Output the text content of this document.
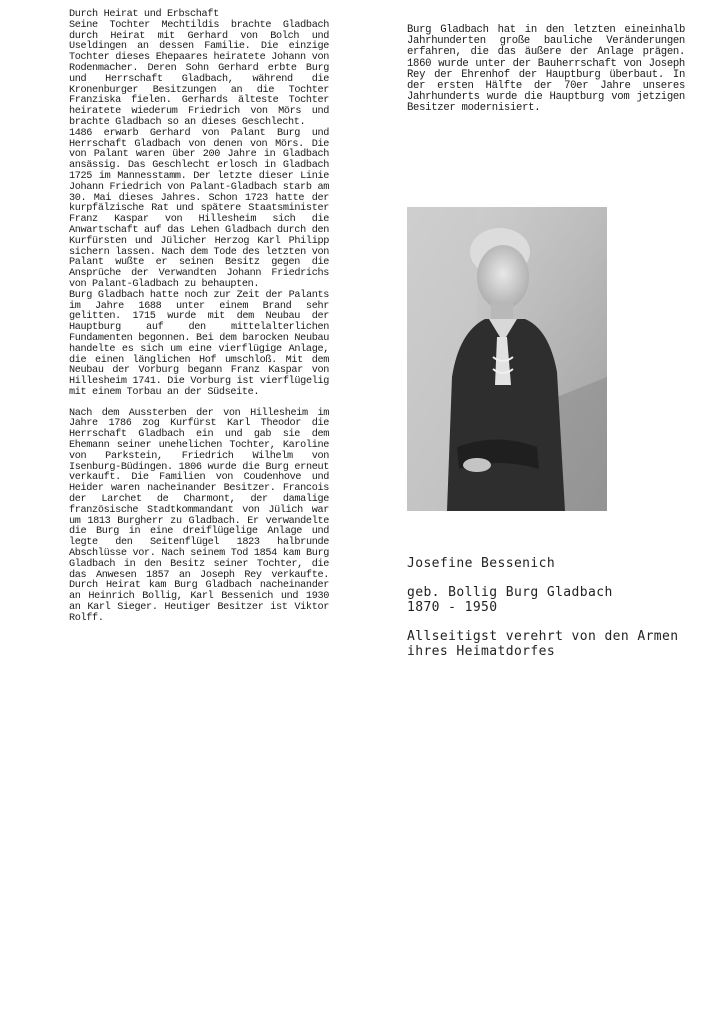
Durch Heirat und Erbschaft

Seine Tochter Mechtildis brachte Gladbach durch Heirat mit Gerhard von Bolch und Useldingen an dessen Familie. Die einzige Tochter dieses Ehepaares heiratete Johann von Rodenmacher. Deren Sohn Gerhard erbte Burg und Herrschaft Gladbach, während die Kronenburger Besitzungen an die Tochter Franziska fielen. Gerhards älteste Tochter heiratete wiederum Friedrich von Mörs und brachte Gladbach so an dieses Geschlecht.

1486 erwarb Gerhard von Palant Burg und Herrschaft Gladbach von denen von Mörs. Die von Palant waren über 200 Jahre in Gladbach ansässig. Das Geschlecht erlosch in Gladbach 1725 im Mannesstamm. Der letzte dieser Linie Johann Friedrich von Palant-Gladbach starb am 30. Mai dieses Jahres. Schon 1723 hatte der kurpfälzische Rat und spätere Staatsminister Franz Kaspar von Hillesheim sich die Anwartschaft auf das Lehen Gladbach durch den Kurfürsten und Jülicher Herzog Karl Philipp sichern lassen. Nach dem Tode des letzten von Palant wußte er seinen Besitz gegen die Ansprüche der Verwandten Johann Friedrichs von Palant-Gladbach zu behaupten.

Burg Gladbach hatte noch zur Zeit der Palants im Jahre 1688 unter einem Brand sehr gelitten. 1715 wurde mit dem Neubau der Hauptburg auf den mittelalterlichen Fundamenten begonnen. Bei dem barocken Neubau handelte es sich um eine vierflügige Anlage, die einen länglichen Hof umschloß. Mit dem Neubau der Vorburg begann Franz Kaspar von Hillesheim 1741. Die Vorburg ist vierflügelig mit einem Torbau an der Südseite.

Nach dem Aussterben der von Hillesheim im Jahre 1786 zog Kurfürst Karl Theodor die Herrschaft Gladbach ein und gab sie dem Ehemann seiner unehelichen Tochter, Karoline von Parkstein, Friedrich Wilhelm von Isenburg-Büdingen. 1806 wurde die Burg erneut verkauft. Die Familien von Coudenhove und Heider waren nacheinander Besitzer. Francois der Larchet de Charmont, der damalige französische Stadtkommandant von Jülich war um 1813 Burgherr zu Gladbach. Er verwandelte die Burg in eine dreiflügelige Anlage und legte den Seitenflügel 1823 halbrunde Abschlüsse vor. Nach seinem Tod 1854 kam Burg Gladbach in den Besitz seiner Tochter, die das Anwesen 1857 an Joseph Rey verkaufte. Durch Heirat kam Burg Gladbach nacheinander an Heinrich Bollig, Karl Bessenich und 1930 an Karl Sieger. Heutiger Besitzer ist Viktor Rolff.

Burg Gladbach hat in den letzten eineinhalb Jahrhunderten große bauliche Veränderungen erfahren, die das äußere der Anlage prägen. 1860 wurde unter der Bauherrschaft von Joseph Rey der Ehrenhof der Hauptburg überbaut. In der ersten Hälfte der 70er Jahre unseres Jahrhunderts wurde die Hauptburg vom jetzigen Besitzer modernisiert.

Josefine Bessenich

geb. Bollig Burg Gladbach

1870 - 1950

Allseitigst verehrt von den Armen

ihres Heimatdorfes
